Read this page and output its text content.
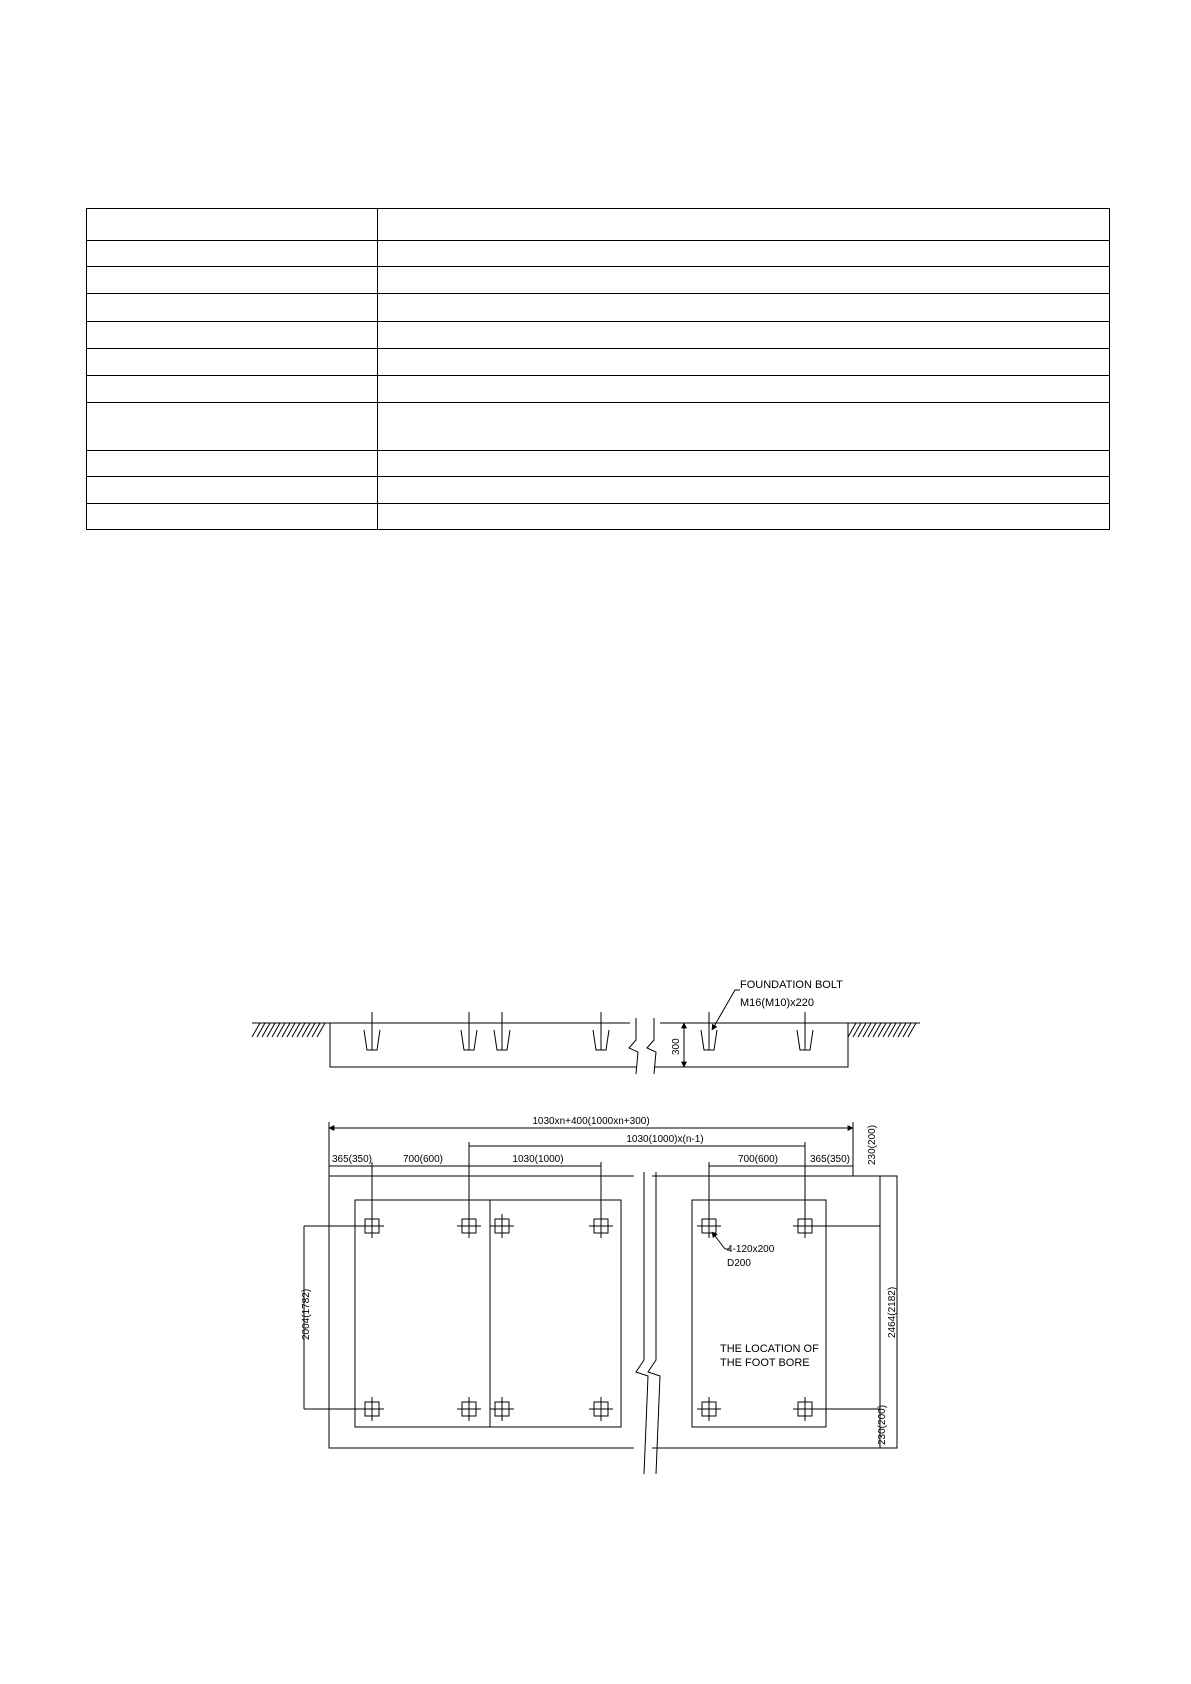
300
FOUNDATION BOLT
M16(M10)x220
1030xn+400(1000xn+300)
1030(1000)x(n-1)
365(350)	700(600)	1030(1000)	700(600)	365(350)
2004(1782)
230(200)
2464(2182)
230(200)
4-120x200
D200
THE LOCATION OF
THE FOOT BORE
